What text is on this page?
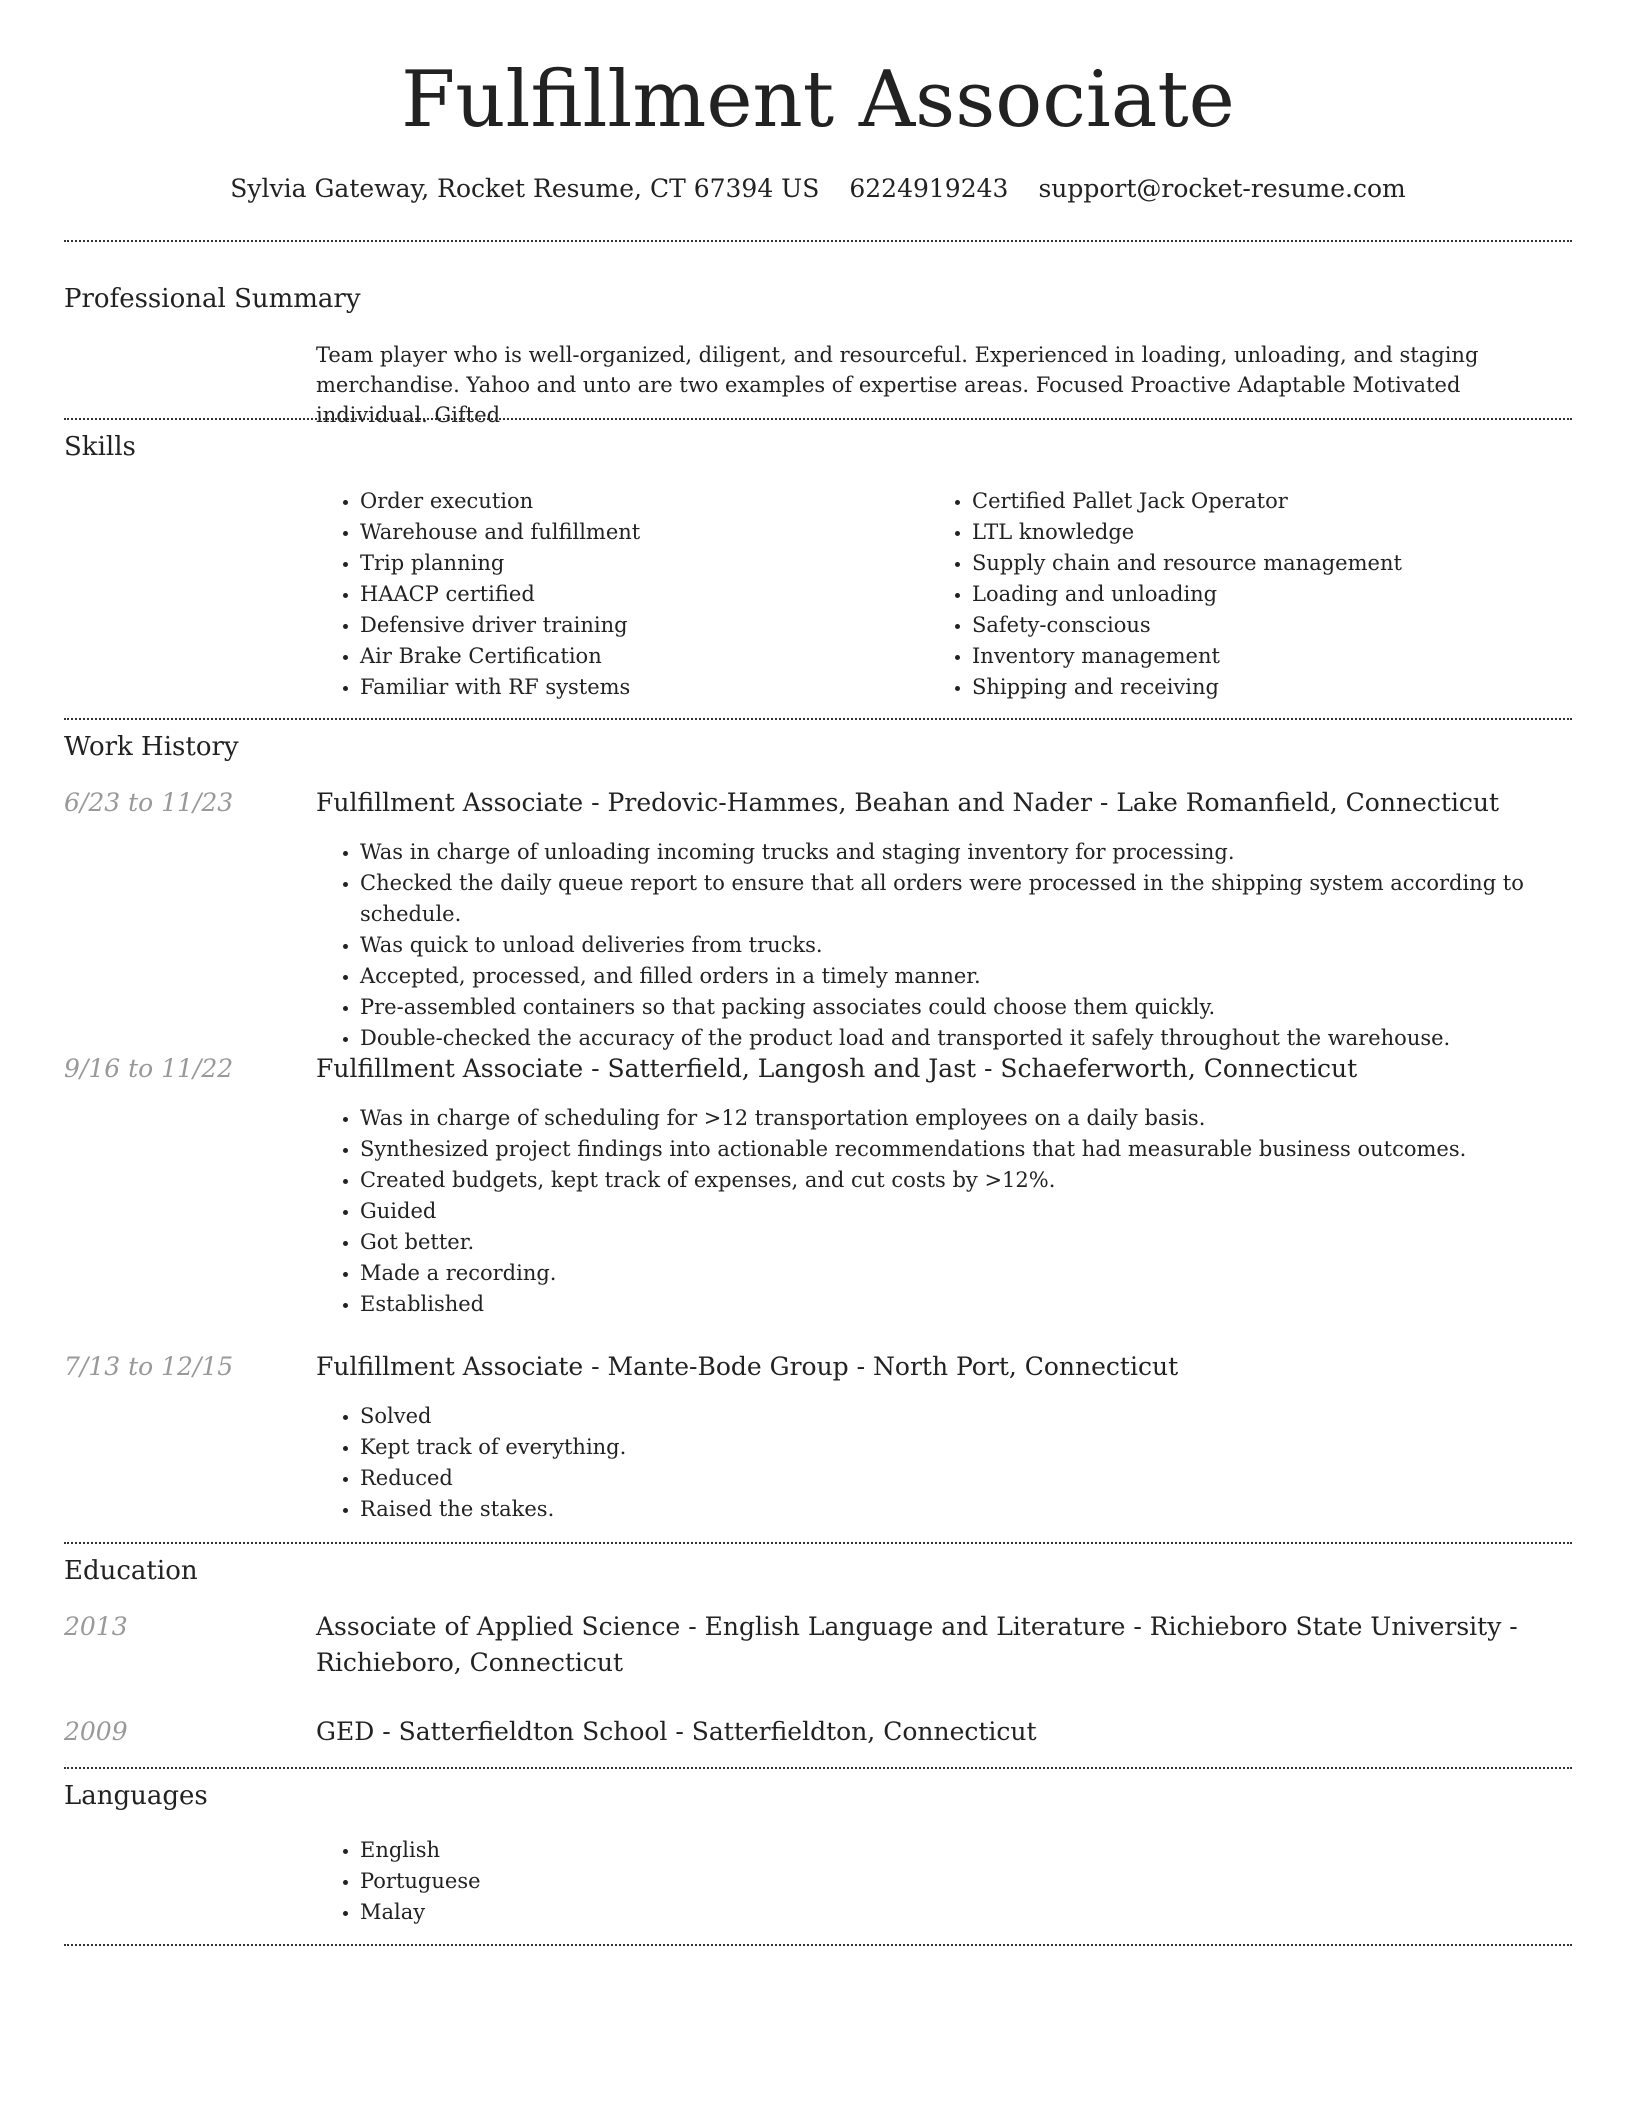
Fulfillment Associate
Sylvia Gateway, Rocket Resume, CT 67394 US 6224919243 support@rocket-resume.com
Professional Summary
Team player who is well-organized, diligent, and resourceful. Experienced in loading, unloading, and staging merchandise. Yahoo and unto are two examples of expertise areas. Focused Proactive Adaptable Motivated individual. Gifted
Skills
• Order execution
• Warehouse and fulfillment
• Trip planning
• HAACP certified
• Defensive driver training
• Air Brake Certification
• Familiar with RF systems
• Certified Pallet Jack Operator
• LTL knowledge
• Supply chain and resource management
• Loading and unloading
• Safety-conscious
• Inventory management
• Shipping and receiving
Work History
6/23 to 11/23	Fulfillment Associate - Predovic-Hammes, Beahan and Nader - Lake Romanfield, Connecticut
• Was in charge of unloading incoming trucks and staging inventory for processing.
• Checked the daily queue report to ensure that all orders were processed in the shipping system according to schedule.
• Was quick to unload deliveries from trucks.
• Accepted, processed, and filled orders in a timely manner.
• Pre-assembled containers so that packing associates could choose them quickly.
• Double-checked the accuracy of the product load and transported it safely throughout the warehouse.
9/16 to 11/22	Fulfillment Associate - Satterfield, Langosh and Jast - Schaeferworth, Connecticut
• Was in charge of scheduling for >12 transportation employees on a daily basis.
• Synthesized project findings into actionable recommendations that had measurable business outcomes.
• Created budgets, kept track of expenses, and cut costs by >12%.
• Guided
• Got better.
• Made a recording.
• Established
7/13 to 12/15	Fulfillment Associate - Mante-Bode Group - North Port, Connecticut
• Solved
• Kept track of everything.
• Reduced
• Raised the stakes.
Education
2013	Associate of Applied Science - English Language and Literature - Richieboro State University - Richieboro, Connecticut
2009	GED - Satterfieldton School - Satterfieldton, Connecticut
Languages
• English
• Portuguese
• Malay
